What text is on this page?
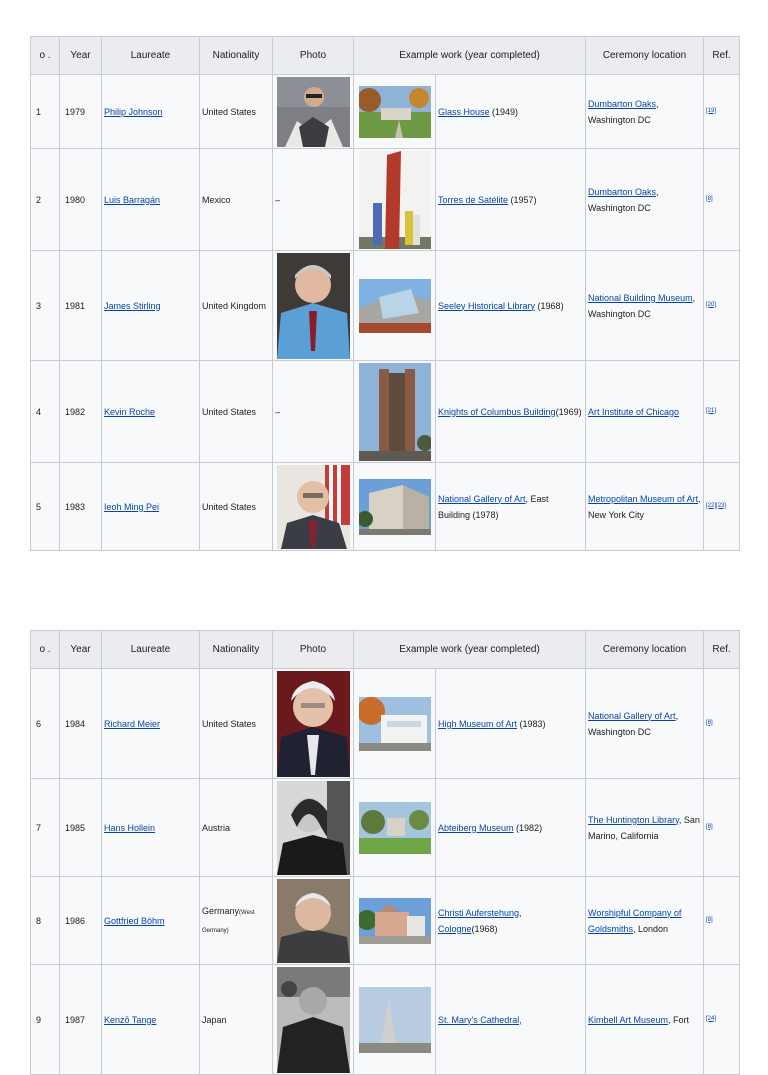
o .	Year	Laureate	Nationality	Photo	Example work (year completed)		Ceremony location	Ref.
1	1979	Philip Johnson	United States			Glass House (1949)	Dumbarton Oaks, Washington DC	[19]
2	1980	Luis Barragán	Mexico	–		Torres de Satélite (1957)	Dumbarton Oaks, Washington DC	[8]
3	1981	James Stirling	United Kingdom			Seeley Historical Library (1968)	National Building Museum, Washington DC	[20]
4	1982	Kevin Roche	United States	–		Knights of Columbus Building(1969)	Art Institute of Chicago	[21]
5	1983	Ieoh Ming Pei	United States			National Gallery of Art, East Building (1978)	Metropolitan Museum of Art, New York City	[22][23]
o .	Year	Laureate	Nationality	Photo	Example work (year completed)		Ceremony location	Ref.
6	1984	Richard Meier	United States			High Museum of Art (1983)	National Gallery of Art, Washington DC	[8]
7	1985	Hans Hollein	Austria			Abteiberg Museum (1982)	The Huntington Library, San Marino, California	[8]
8	1986	Gottfried Böhm	Germany(West Germany)			Christi Auferstehung, Cologne(1968)	Worshipful Company of Goldsmiths, London	[8]
9	1987	Kenzō Tange	Japan			St. Mary's Cathedral,	Kimbell Art Museum, Fort	[24]
